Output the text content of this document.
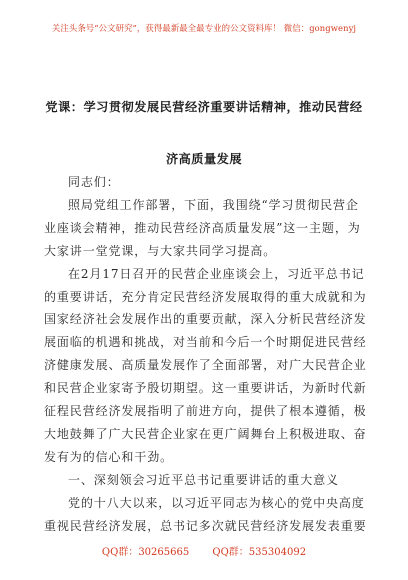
关注头条号“公文研究”，获得最新最全最专业的公文资料库！ 微信：gongwenyj
党课：学习贯彻发展民营经济重要讲话精神，推动民营经
济高质量发展

同志们：

照局党组工作部署，下面，我围绕“学习贯彻民营企

业座谈会精神，推动民营经济高质量发展”这一主题，为

大家讲一堂党课，与大家共同学习提高。

在2月17日召开的民营企业座谈会上，习近平总书记

的重要讲话，充分肯定民营经济发展取得的重大成就和为

国家经济社会发展作出的重要贡献，深入分析民营经济发

展面临的机遇和挑战，对当前和今后一个时期促进民营经

济健康发展、高质量发展作了全面部署，对广大民营企业

和民营企业家寄予殷切期望。这一重要讲话，为新时代新

征程民营经济发展指明了前进方向，提供了根本遵循，极

大地鼓舞了广大民营企业家在更广阔舞台上积极进取、奋

发有为的信心和干劲。

一、深刻领会习近平总书记重要讲话的重大意义

党的十八大以来，以习近平同志为核心的党中央高度

重视民营经济发展，总书记多次就民营经济发展发表重要

QQ群：30265665 QQ群：535304092
